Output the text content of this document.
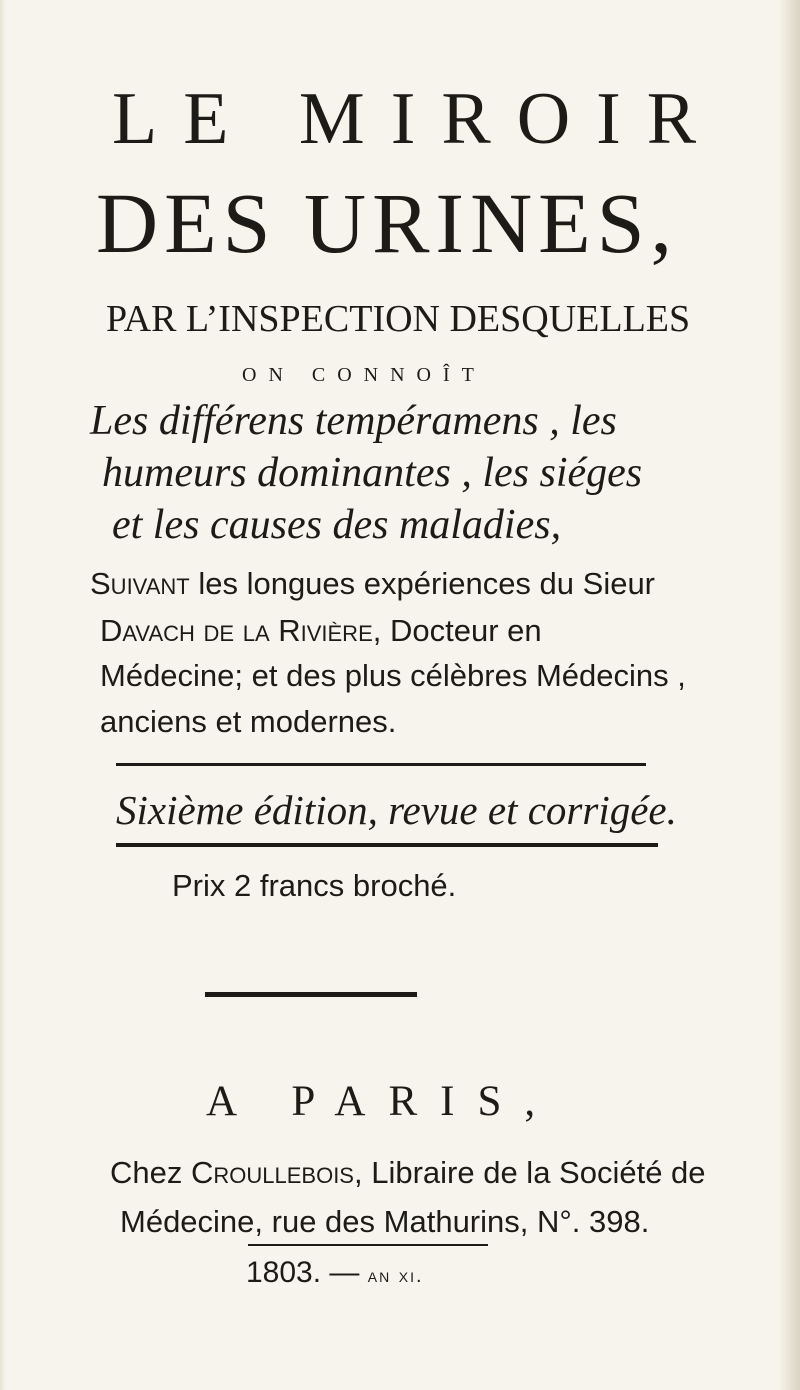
LE MIROIR
DES URINES,
PAR L’INSPECTION DESQUELLES
ON CONNOÎT
Les différens tempéramens , les
humeurs dominantes , les siéges
et les causes des maladies,
Suivant les longues expériences du Sieur
Davach de la Rivière, Docteur en
Médecine; et des plus célèbres Médecins ,
anciens et modernes.
Sixième édition, revue et corrigée.
Prix 2 francs broché.
A PARIS,
Chez Croullebois, Libraire de la Société de
Médecine, rue des Mathurins, N°. 398.
1803. — an xi.
